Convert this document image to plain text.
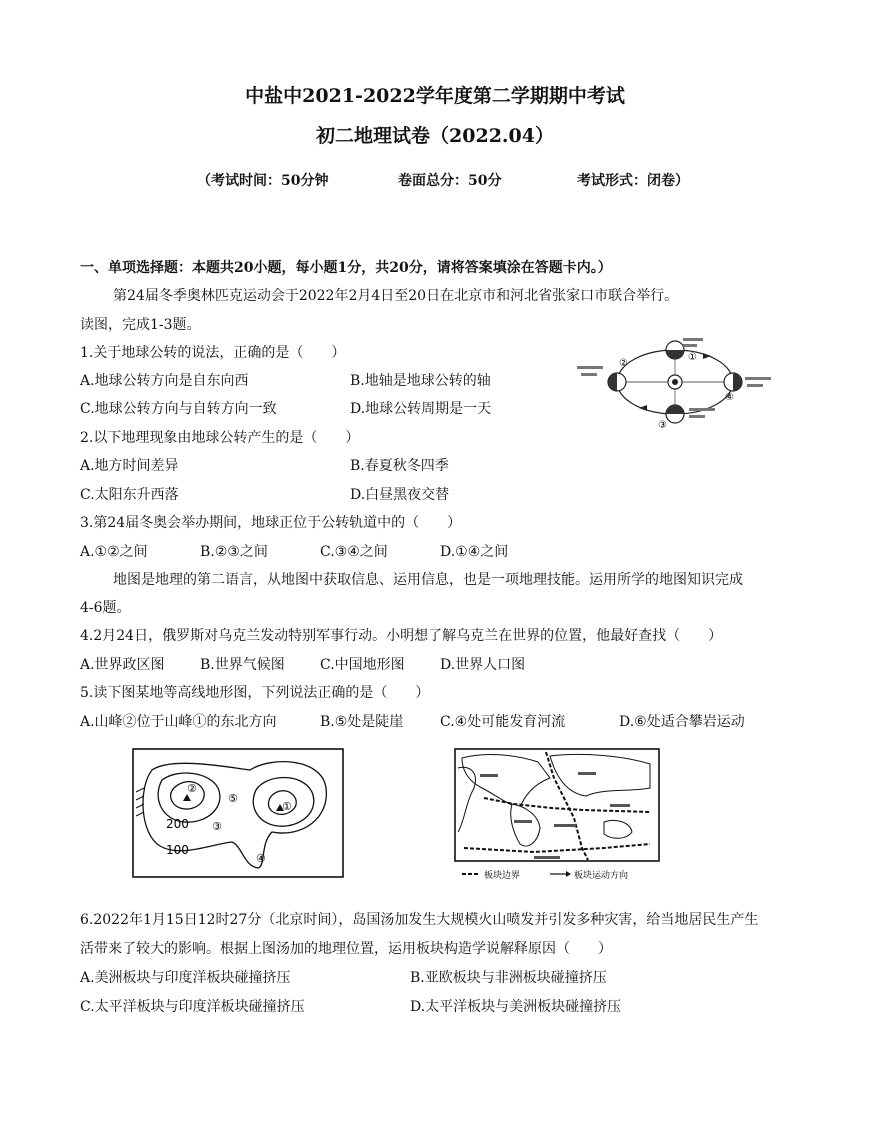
中盐中2021-2022学年度第二学期期中考试
初二地理试卷（2022.04）
（考试时间：50分钟	卷面总分：50分	考试形式：闭卷）
一、单项选择题：本题共20小题，每小题1分，共20分，请将答案填涂在答题卡内。）
第24届冬季奥林匹克运动会于2022年2月4日至20日在北京市和河北省张家口市联合举行。
读图，完成1-3题。
1.关于地球公转的说法，正确的是（　　）
A.地球公转方向是自东向西	B.地轴是地球公转的轴
C.地球公转方向与自转方向一致	D.地球公转周期是一天
2.以下地理现象由地球公转产生的是（　　）
A.地方时间差异	B.春夏秋冬四季
C.太阳东升西落	D.白昼黑夜交替
3.第24届冬奥会举办期间，地球正位于公转轨道中的（　　）
A.①②之间	B.②③之间	C.③④之间	D.①④之间
地图是地理的第二语言，从地图中获取信息、运用信息，也是一项地理技能。运用所学的地图知识完成
4-6题。
4.2月24日，俄罗斯对乌克兰发动特别军事行动。小明想了解乌克兰在世界的位置，他最好查找（　　）
A.世界政区图	B.世界气候图	C.中国地形图	D.世界人口图
5.读下图某地等高线地形图，下列说法正确的是（　　）
A.山峰②位于山峰①的东北方向	B.⑤处是陡崖	C.④处可能发育河流	D.⑥处适合攀岩运动
6.2022年1月15日12时27分（北京时间），岛国汤加发生大规模火山喷发并引发多种灾害，给当地居民生产生
活带来了较大的影响。根据上图汤加的地理位置，运用板块构造学说解释原因（　　）
A.美洲板块与印度洋板块碰撞挤压	B.亚欧板块与非洲板块碰撞挤压
C.太平洋板块与印度洋板块碰撞挤压	D.太平洋板块与美洲板块碰撞挤压
①
②
③
④
②
①
⑤
③
④
200
100
板块边界	板块运动方向
